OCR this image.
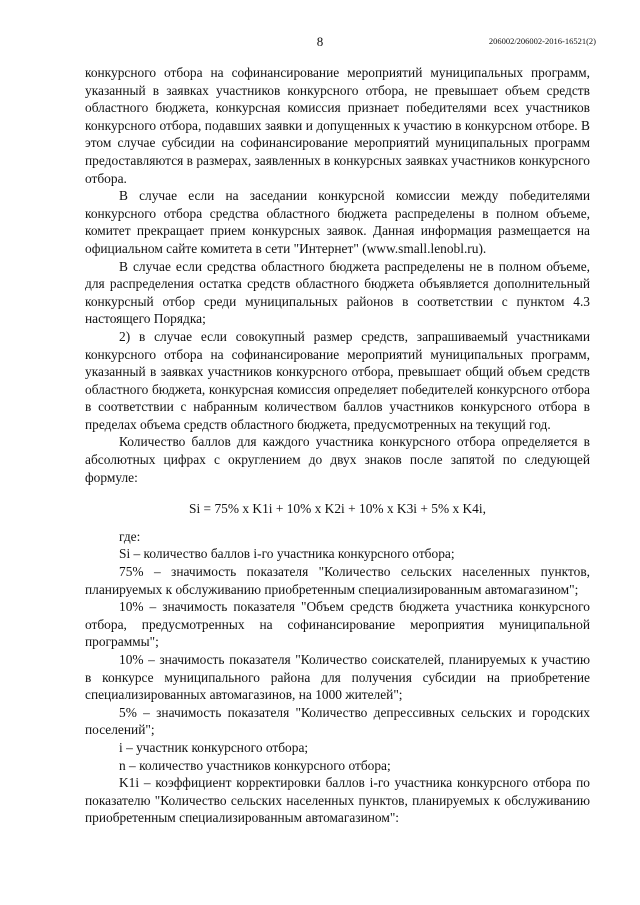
8	206002/206002-2016-16521(2)

конкурсного отбора на софинансирование мероприятий муниципальных программ, указанный в заявках участников конкурсного отбора, не превышает объем средств областного бюджета, конкурсная комиссия признает победителями всех участников конкурсного отбора, подавших заявки и допущенных к участию в конкурсном отборе. В этом случае субсидии на софинансирование мероприятий муниципальных программ предоставляются в размерах, заявленных в конкурсных заявках участников конкурсного отбора.

В случае если на заседании конкурсной комиссии между победителями конкурсного отбора средства областного бюджета распределены в полном объеме, комитет прекращает прием конкурсных заявок. Данная информация размещается на официальном сайте комитета в сети "Интернет" (www.small.lenobl.ru).

В случае если средства областного бюджета распределены не в полном объеме, для распределения остатка средств областного бюджета объявляется дополнительный конкурсный отбор среди муниципальных районов в соответствии с пунктом 4.3 настоящего Порядка;

2) в случае если совокупный размер средств, запрашиваемый участниками конкурсного отбора на софинансирование мероприятий муниципальных программ, указанный в заявках участников конкурсного отбора, превышает общий объем средств областного бюджета, конкурсная комиссия определяет победителей конкурсного отбора в соответствии с набранным количеством баллов участников конкурсного отбора в пределах объема средств областного бюджета, предусмотренных на текущий год.

Количество баллов для каждого участника конкурсного отбора определяется в абсолютных цифрах с округлением до двух знаков после запятой по следующей формуле:

Si = 75% х K1i + 10% х K2i + 10% х K3i + 5% х K4i,

где:

Si – количество баллов i-го участника конкурсного отбора;

75% – значимость показателя "Количество сельских населенных пунктов, планируемых к обслуживанию приобретенным специализированным автомагазином";

10% – значимость показателя "Объем средств бюджета участника конкурсного отбора, предусмотренных на софинансирование мероприятия муниципальной программы";

10% – значимость показателя "Количество соискателей, планируемых к участию в конкурсе муниципального района для получения субсидии на приобретение специализированных автомагазинов, на 1000 жителей";

5% – значимость показателя "Количество депрессивных сельских и городских поселений";

i – участник конкурсного отбора;

n – количество участников конкурсного отбора;

K1i – коэффициент корректировки баллов i-го участника конкурсного отбора по показателю "Количество сельских населенных пунктов, планируемых к обслуживанию приобретенным специализированным автомагазином":
